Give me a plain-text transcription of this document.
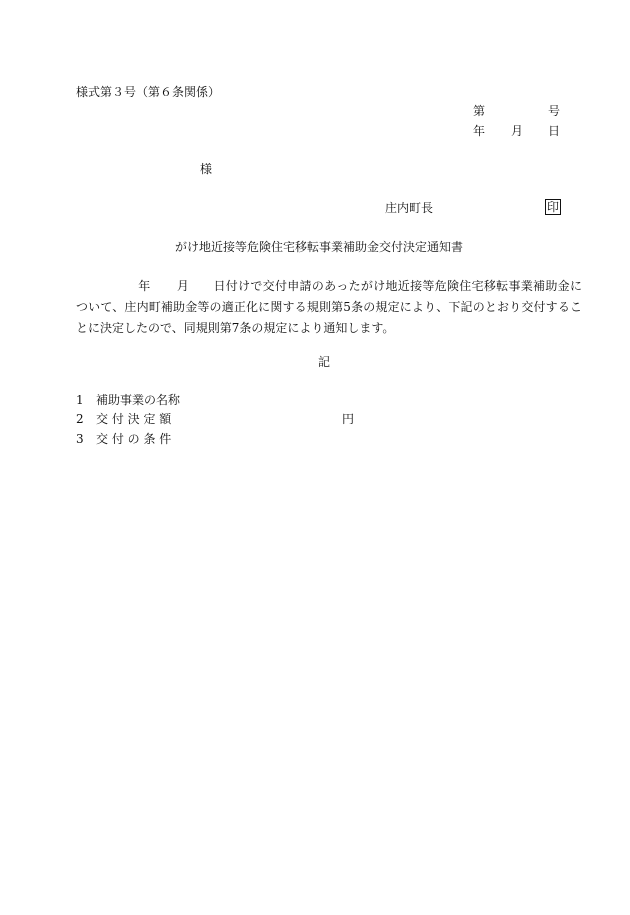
様式第３号（第６条関係）
第	号
年 月 日
様
庄内町長	印
がけ地近接等危険住宅移転事業補助金交付決定通知書
年 月 日付けで交付申請のあったがけ地近接等危険住宅移転事業補助金について、庄内町補助金等の適正化に関する規則第5条の規定により、下記のとおり交付することに決定したので、同規則第7条の規定により通知します。
記
1 補助事業の名称
2 交 付 決 定 額	円
3 交 付 の 条 件
